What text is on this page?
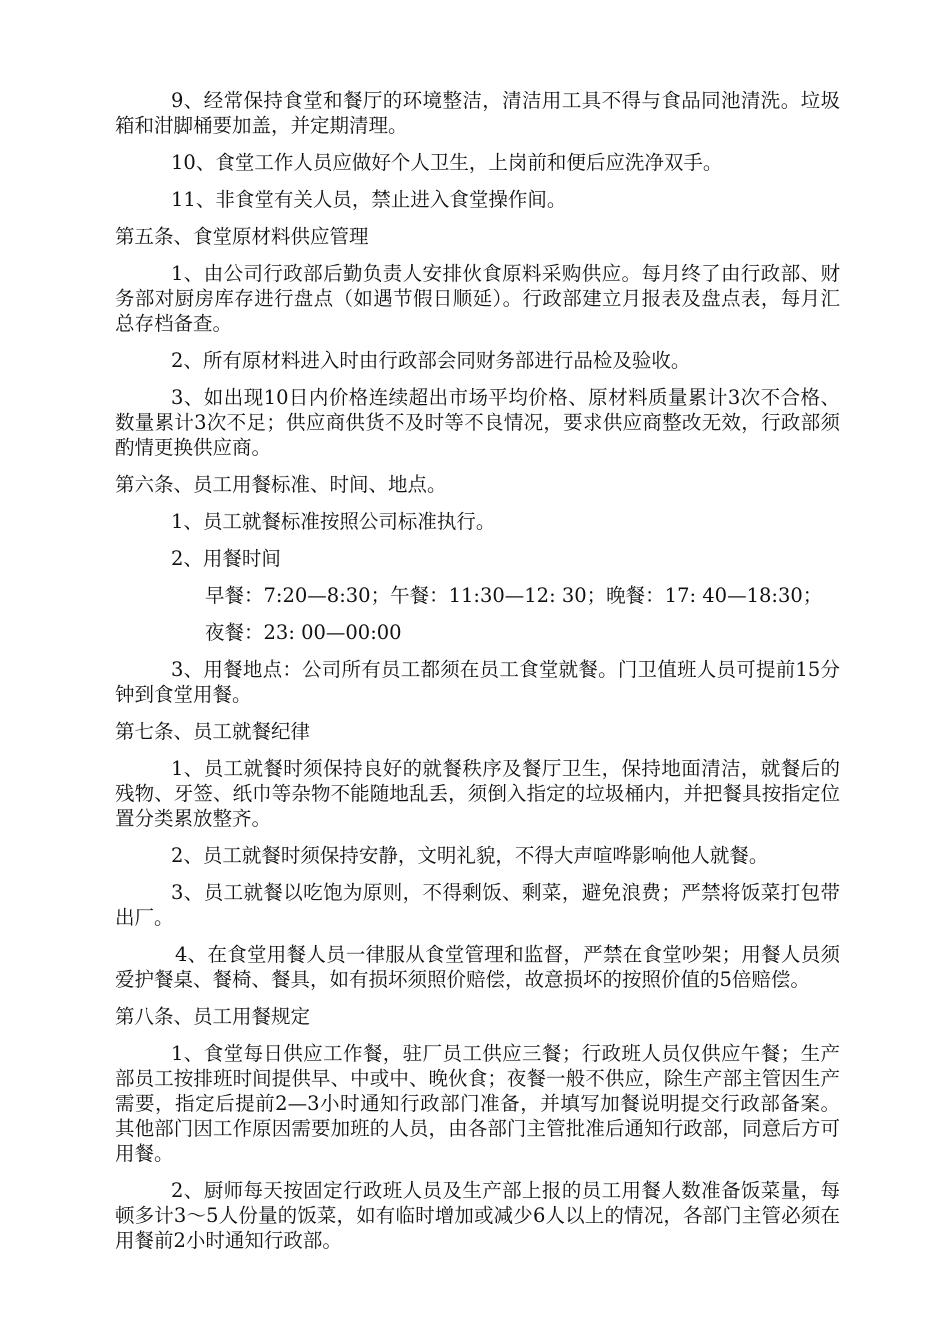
9、经常保持食堂和餐厅的环境整洁，清洁用工具不得与食品同池清洗。垃圾箱和泔脚桶要加盖，并定期清理。

10、食堂工作人员应做好个人卫生，上岗前和便后应洗净双手。

11、非食堂有关人员，禁止进入食堂操作间。

第五条、食堂原材料供应管理

1、由公司行政部后勤负责人安排伙食原料采购供应。每月终了由行政部、财务部对厨房库存进行盘点（如遇节假日顺延）。行政部建立月报表及盘点表，每月汇总存档备查。

2、所有原材料进入时由行政部会同财务部进行品检及验收。

3、如出现10日内价格连续超出市场平均价格、原材料质量累计3次不合格、数量累计3次不足；供应商供货不及时等不良情况，要求供应商整改无效，行政部须酌情更换供应商。

第六条、员工用餐标准、时间、地点。

1、员工就餐标准按照公司标准执行。

2、用餐时间

早餐：7:20—8:30；午餐：11:30—12: 30；晚餐：17: 40—18:30；

夜餐：23: 00—00:00

3、用餐地点：公司所有员工都须在员工食堂就餐。门卫值班人员可提前15分钟到食堂用餐。

第七条、员工就餐纪律

1、员工就餐时须保持良好的就餐秩序及餐厅卫生，保持地面清洁，就餐后的残物、牙签、纸巾等杂物不能随地乱丢，须倒入指定的垃圾桶内，并把餐具按指定位置分类累放整齐。

2、员工就餐时须保持安静，文明礼貌，不得大声喧哗影响他人就餐。

3、员工就餐以吃饱为原则，不得剩饭、剩菜，避免浪费；严禁将饭菜打包带出厂。

4、在食堂用餐人员一律服从食堂管理和监督，严禁在食堂吵架；用餐人员须爱护餐桌、餐椅、餐具，如有损坏须照价赔偿，故意损坏的按照价值的5倍赔偿。

第八条、员工用餐规定

1、食堂每日供应工作餐，驻厂员工供应三餐；行政班人员仅供应午餐；生产部员工按排班时间提供早、中或中、晚伙食；夜餐一般不供应，除生产部主管因生产需要，指定后提前2—3小时通知行政部门准备，并填写加餐说明提交行政部备案。其他部门因工作原因需要加班的人员，由各部门主管批准后通知行政部，同意后方可用餐。

2、厨师每天按固定行政班人员及生产部上报的员工用餐人数准备饭菜量，每顿多计3～5人份量的饭菜，如有临时增加或减少6人以上的情况，各部门主管必须在用餐前2小时通知行政部。
